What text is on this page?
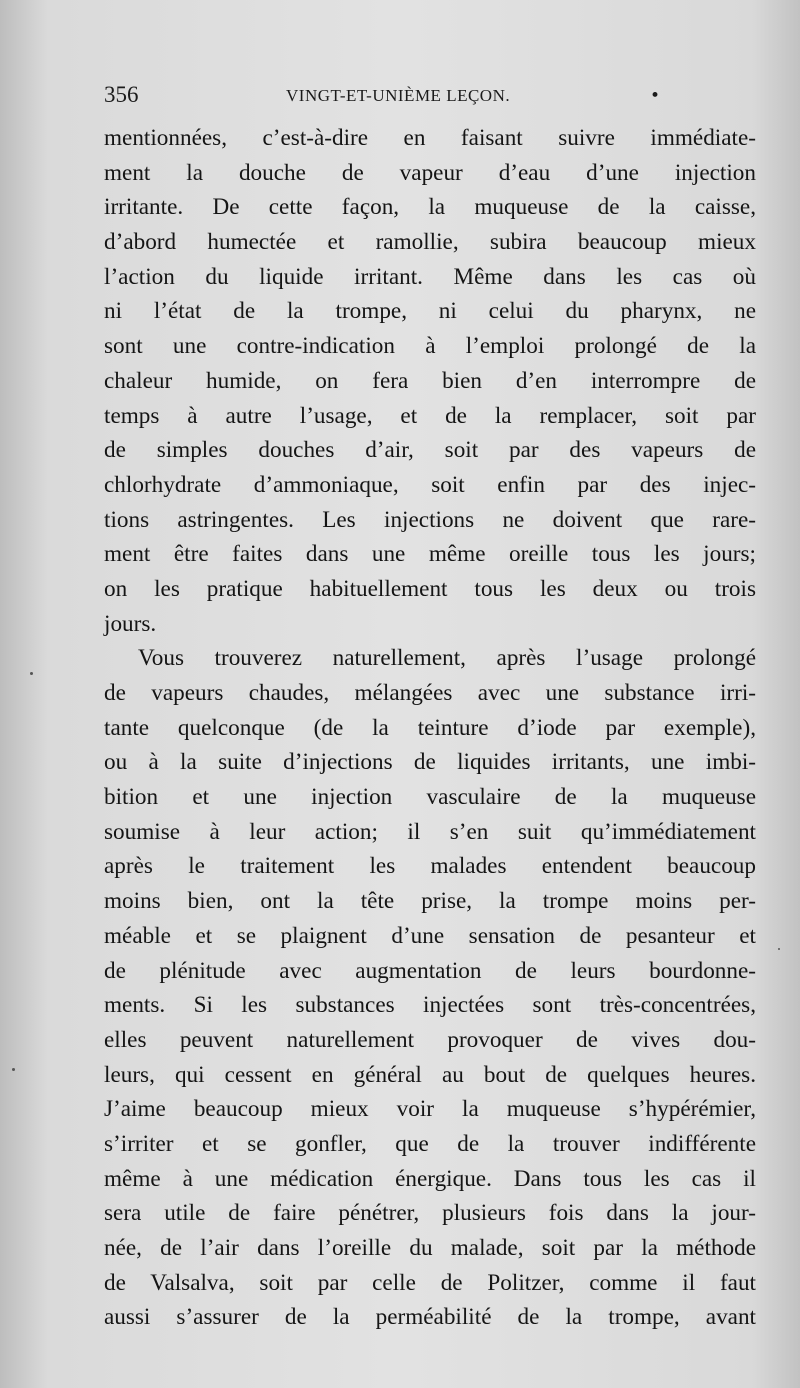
356	VINGT-ET-UNIÈME LEÇON.	•
mentionnées, c’est-à-dire en faisant suivre immédiate-
ment la douche de vapeur d’eau d’une injection
irritante. De cette façon, la muqueuse de la caisse,
d’abord humectée et ramollie, subira beaucoup mieux
l’action du liquide irritant. Même dans les cas où
ni l’état de la trompe, ni celui du pharynx, ne
sont une contre-indication à l’emploi prolongé de la
chaleur humide, on fera bien d’en interrompre de
temps à autre l’usage, et de la remplacer, soit par
de simples douches d’air, soit par des vapeurs de
chlorhydrate d’ammoniaque, soit enfin par des injec-
tions astringentes. Les injections ne doivent que rare-
ment être faites dans une même oreille tous les jours;
on les pratique habituellement tous les deux ou trois
jours.
Vous trouverez naturellement, après l’usage prolongé
de vapeurs chaudes, mélangées avec une substance irri-
tante quelconque (de la teinture d’iode par exemple),
ou à la suite d’injections de liquides irritants, une imbi-
bition et une injection vasculaire de la muqueuse
soumise à leur action; il s’en suit qu’immédiatement
après le traitement les malades entendent beaucoup
moins bien, ont la tête prise, la trompe moins per-
méable et se plaignent d’une sensation de pesanteur et
de plénitude avec augmentation de leurs bourdonne-
ments. Si les substances injectées sont très-concentrées,
elles peuvent naturellement provoquer de vives dou-
leurs, qui cessent en général au bout de quelques heures.
J’aime beaucoup mieux voir la muqueuse s’hypérémier,
s’irriter et se gonfler, que de la trouver indifférente
même à une médication énergique. Dans tous les cas il
sera utile de faire pénétrer, plusieurs fois dans la jour-
née, de l’air dans l’oreille du malade, soit par la méthode
de Valsalva, soit par celle de Politzer, comme il faut
aussi s’assurer de la perméabilité de la trompe, avant
